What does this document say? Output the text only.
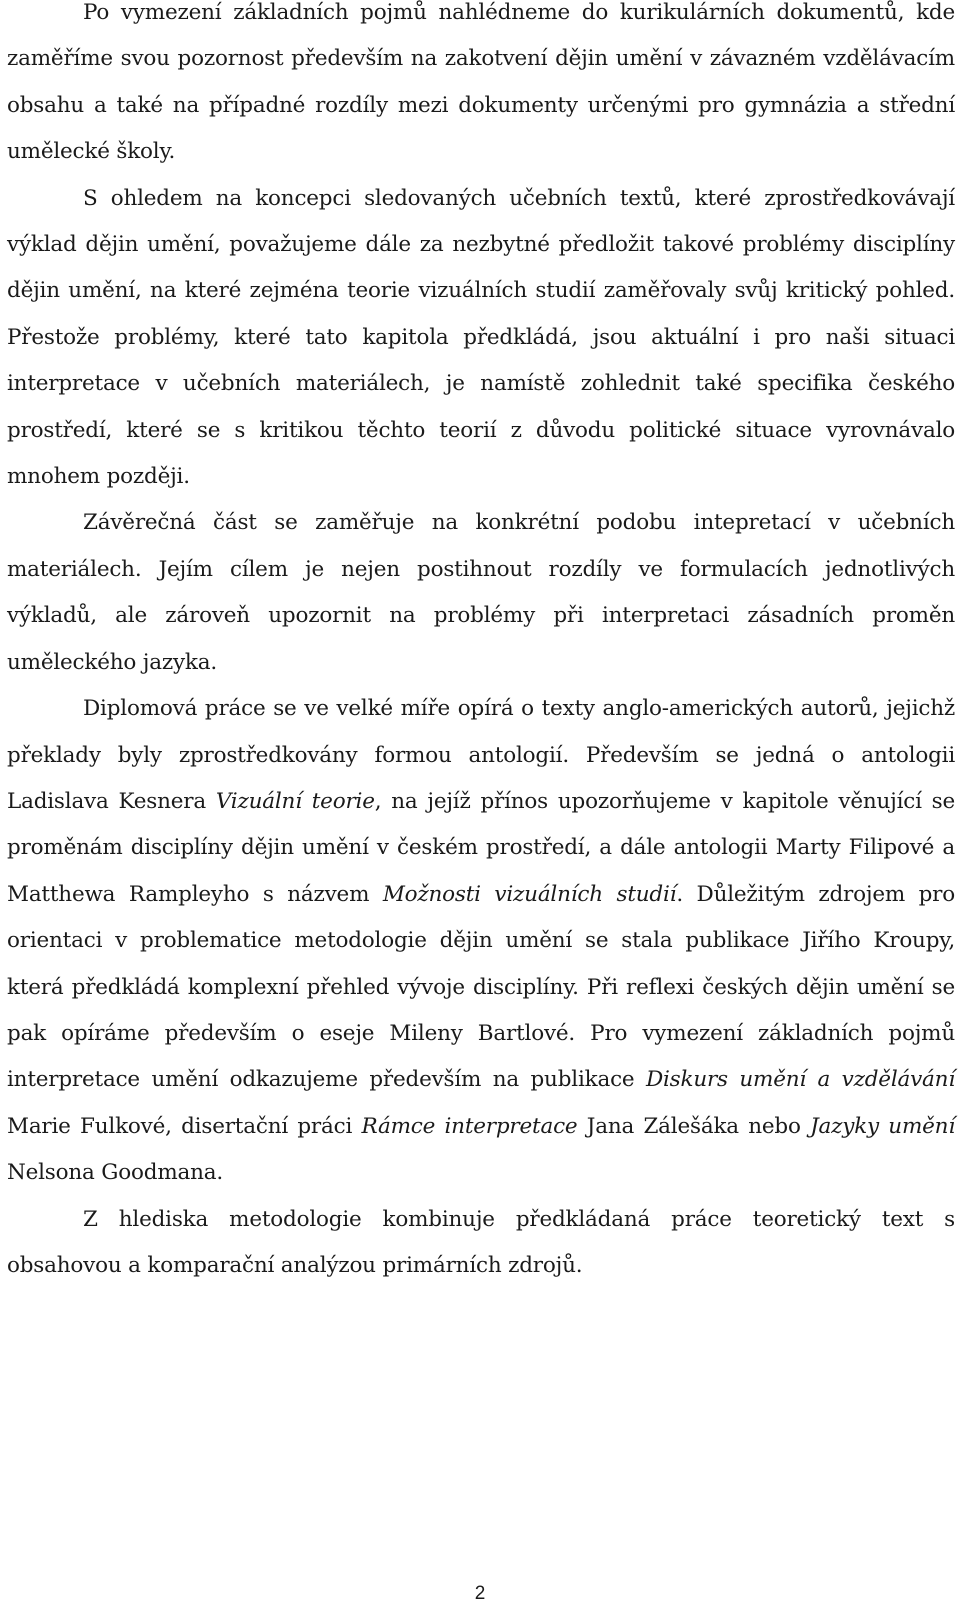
Po vymezení základních pojmů nahlédneme do kurikulárních dokumentů, kde zaměříme svou pozornost především na zakotvení dějin umění v závazném vzdělávacím obsahu a také na případné rozdíly mezi dokumenty určenými pro gymnázia a střední umělecké školy.

S ohledem na koncepci sledovaných učebních textů, které zprostředkovávají výklad dějin umění, považujeme dále za nezbytné předložit takové problémy disciplíny dějin umění, na které zejména teorie vizuálních studií zaměřovaly svůj kritický pohled. Přestože problémy, které tato kapitola předkládá, jsou aktuální i pro naši situaci interpretace v učebních materiálech, je namístě zohlednit také specifika českého prostředí, které se s kritikou těchto teorií z důvodu politické situace vyrovnávalo mnohem později.

Závěrečná část se zaměřuje na konkrétní podobu intepretací v učebních materiálech. Jejím cílem je nejen postihnout rozdíly ve formulacích jednotlivých výkladů, ale zároveň upozornit na problémy při interpretaci zásadních proměn uměleckého jazyka.

Diplomová práce se ve velké míře opírá o texty anglo-amerických autorů, jejichž překlady byly zprostředkovány formou antologií. Především se jedná o antologii Ladislava Kesnera Vizuální teorie, na jejíž přínos upozorňujeme v kapitole věnující se proměnám disciplíny dějin umění v českém prostředí, a dále antologii Marty Filipové a Matthewa Rampleyho s názvem Možnosti vizuálních studií. Důležitým zdrojem pro orientaci v problematice metodologie dějin umění se stala publikace Jiřího Kroupy, která předkládá komplexní přehled vývoje disciplíny. Při reflexi českých dějin umění se pak opíráme především o eseje Mileny Bartlové. Pro vymezení základních pojmů interpretace umění odkazujeme především na publikace Diskurs umění a vzdělávání Marie Fulkové, disertační práci Rámce interpretace Jana Zálešáka nebo Jazyky umění Nelsona Goodmana.

Z hlediska metodologie kombinuje předkládaná práce teoretický text s obsahovou a komparační analýzou primárních zdrojů.

2
